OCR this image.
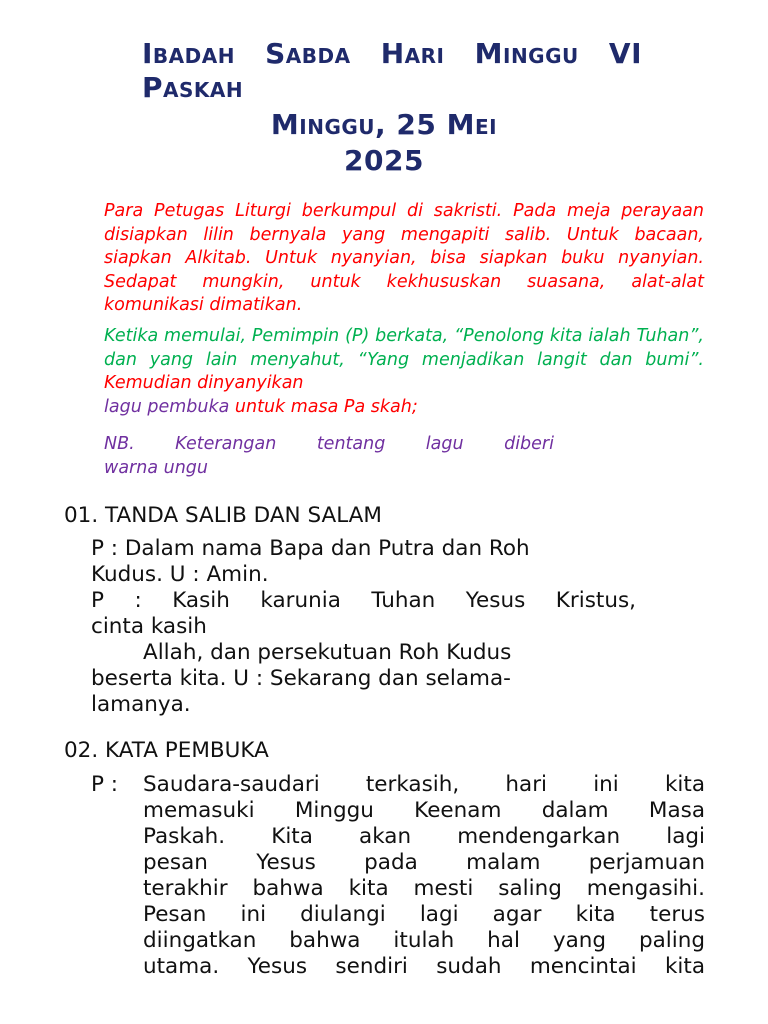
Ibadah Sabda Hari Minggu VI
Paskah
Minggu, 25 Mei
2025

Para Petugas Liturgi berkumpul di sakristi. Pada meja perayaan disiapkan lilin bernyala yang mengapiti salib. Untuk bacaan, siapkan Alkitab. Untuk nyanyian, bisa siapkan buku nyanyian. Sedapat mungkin, untuk kekhususkan suasana, alat-alat komunikasi dimatikan.

Ketika memulai, Pemimpin (P) berkata, “Penolong kita ialah Tuhan”, dan yang lain menyahut, “Yang menjadikan langit dan bumi”. Kemudian dinyanyikan
lagu pembuka untuk masa Pa skah;

NB. Keterangan tentang lagu diberi
warna ungu

01. TANDA SALIB DAN SALAM
P : Dalam nama Bapa dan Putra dan Roh
Kudus. U : Amin.
P : Kasih karunia Tuhan Yesus Kristus,
cinta kasih
Allah, dan persekutuan Roh Kudus
beserta kita. U : Sekarang dan selama-
lamanya.
02. KATA PEMBUKA
P :	Saudara-saudari terkasih, hari ini kita
memasuki Minggu Keenam dalam Masa
Paskah. Kita akan mendengarkan lagi
pesan Yesus pada malam perjamuan
terakhir bahwa kita mesti saling mengasihi.
Pesan ini diulangi lagi agar kita terus
diingatkan bahwa itulah hal yang paling
utama. Yesus sendiri sudah mencintai kita
